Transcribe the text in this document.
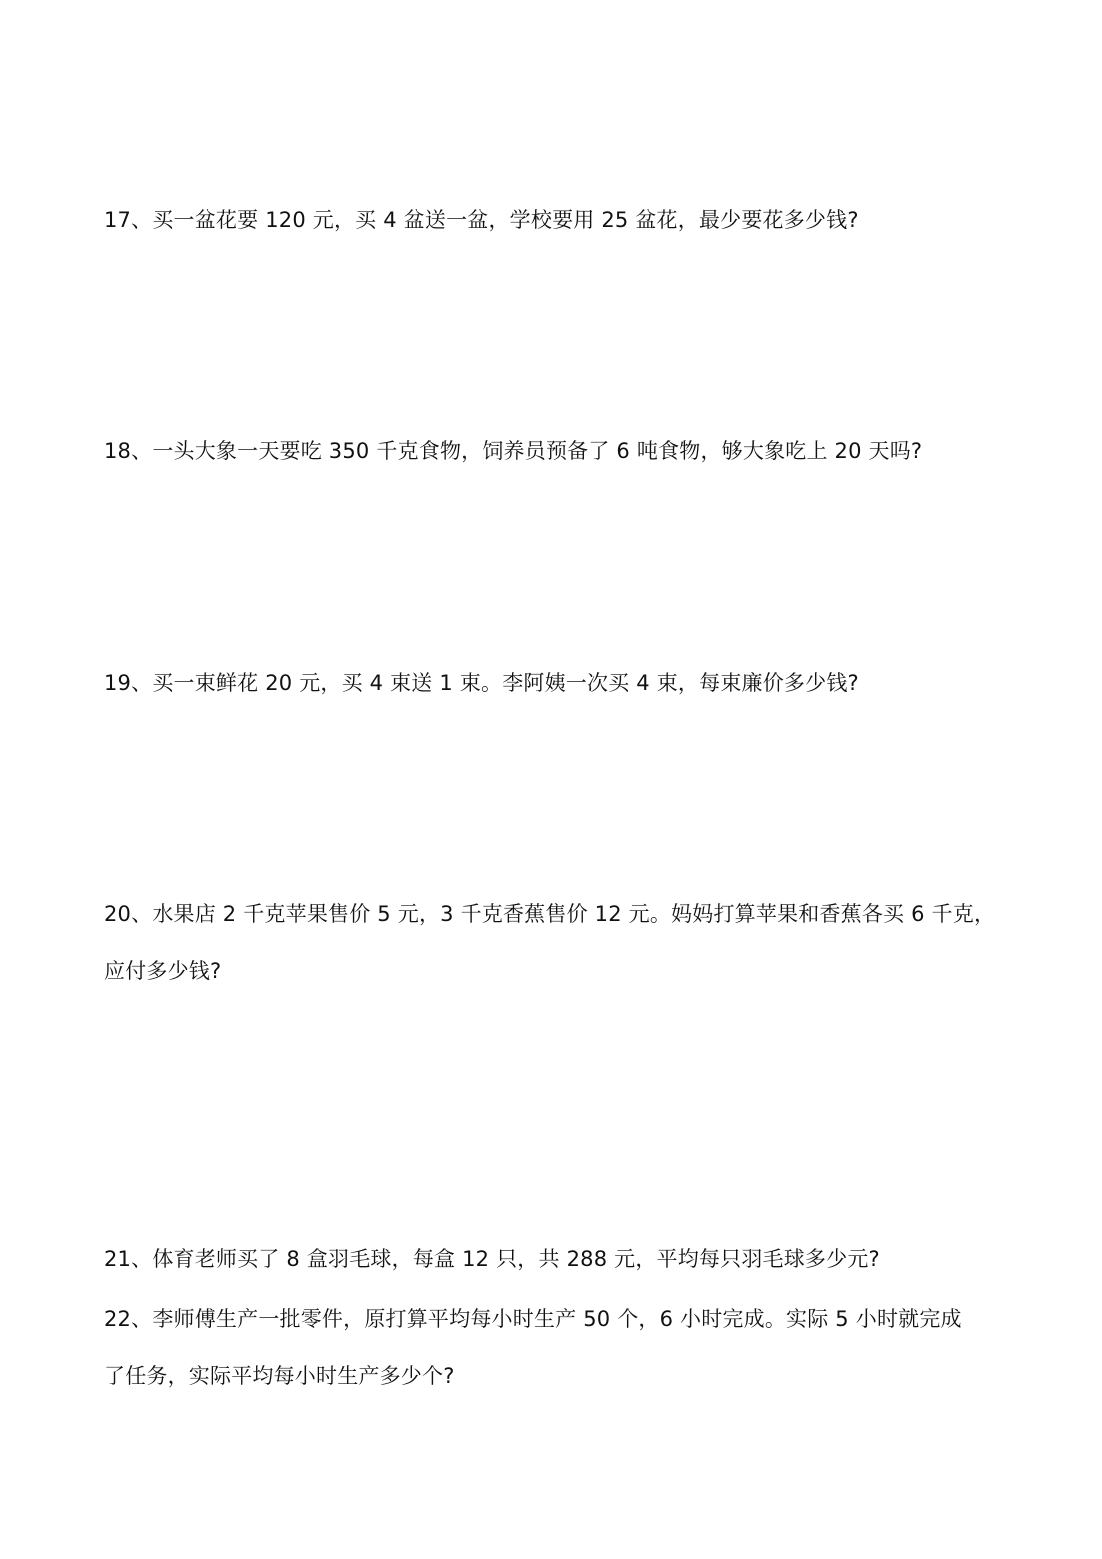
17、买一盆花要 120 元，买 4 盆送一盆，学校要用 25 盆花，最少要花多少钱?
18、一头大象一天要吃 350 千克食物，饲养员预备了 6 吨食物，够大象吃上 20 天吗?
19、买一束鲜花 20 元，买 4 束送 1 束。李阿姨一次买 4 束，每束廉价多少钱?
20、水果店 2 千克苹果售价 5 元，3 千克香蕉售价 12 元。妈妈打算苹果和香蕉各买 6 千克，
应付多少钱?
21、体育老师买了 8 盒羽毛球，每盒 12 只，共 288 元，平均每只羽毛球多少元?
22、李师傅生产一批零件，原打算平均每小时生产 50 个，6 小时完成。实际 5 小时就完成
了任务，实际平均每小时生产多少个?
